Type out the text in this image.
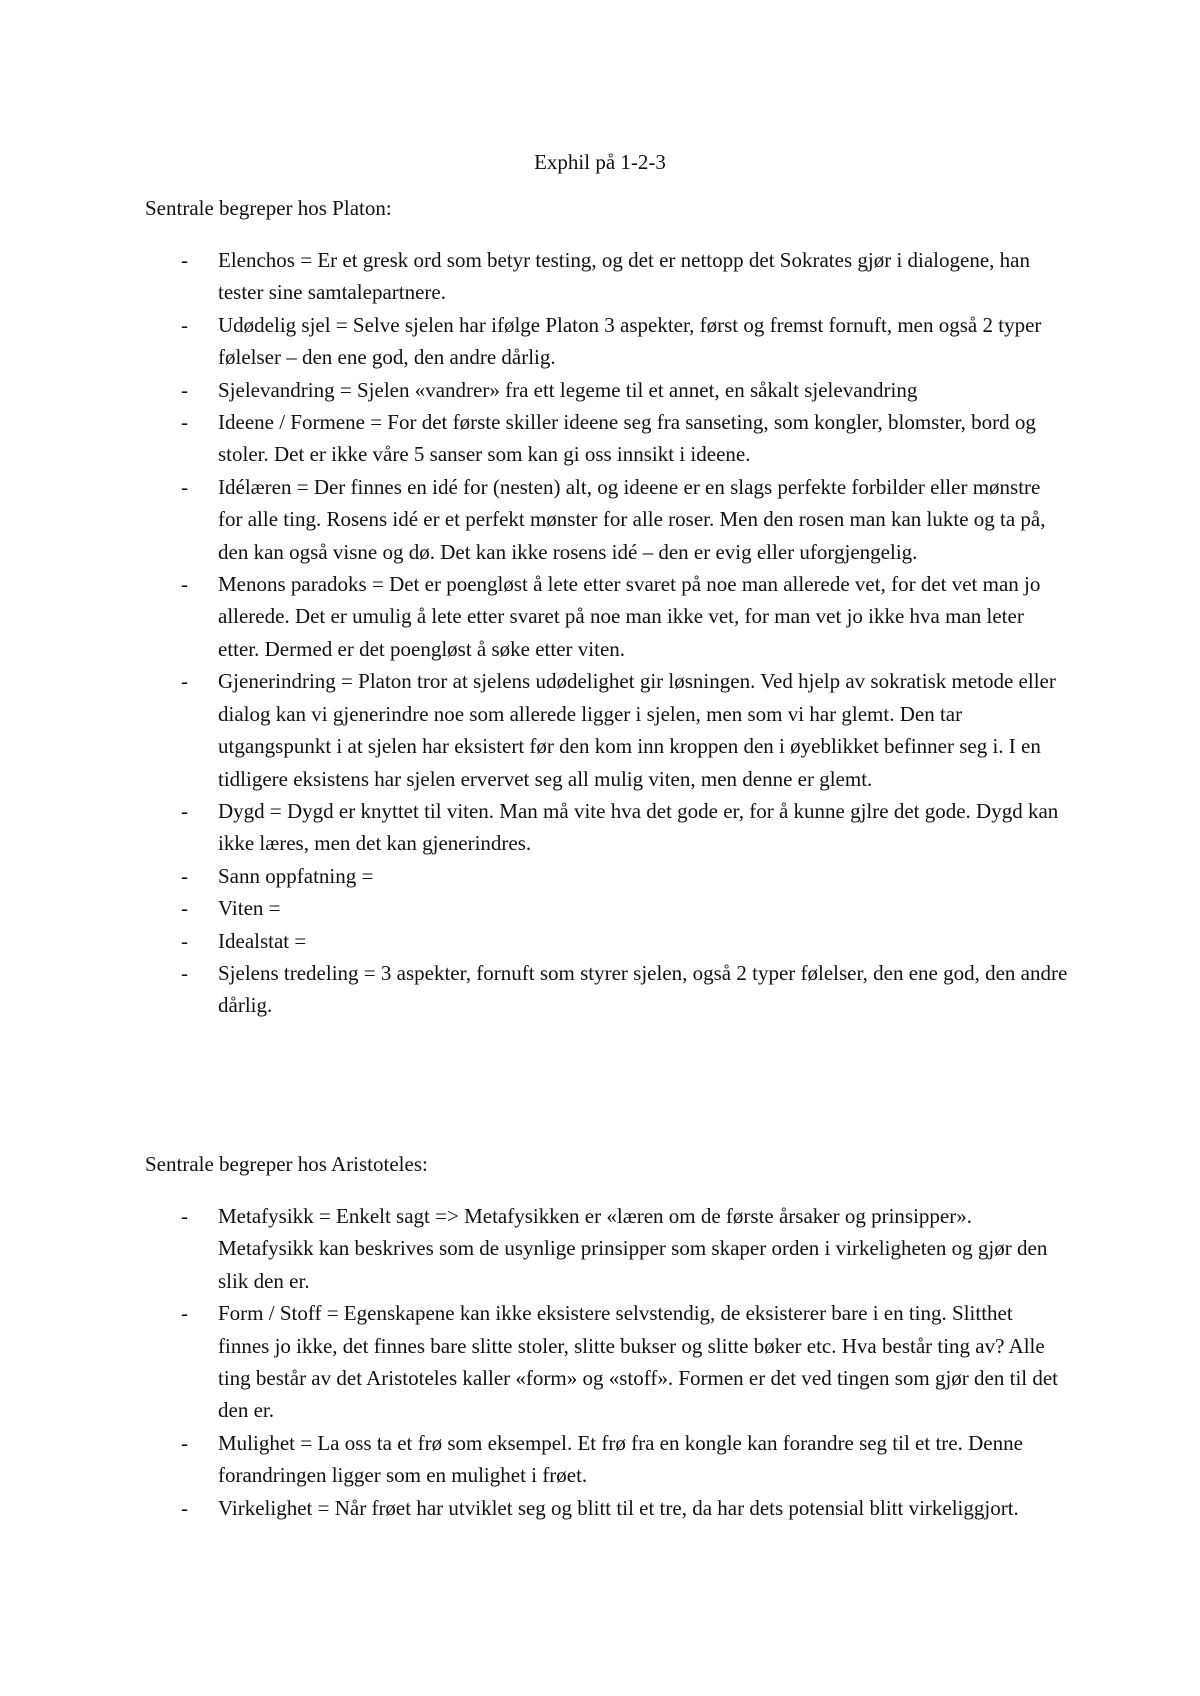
Exphil på 1-2-3
Sentrale begreper hos Platon:
- Elenchos = Er et gresk ord som betyr testing, og det er nettopp det Sokrates gjør i dialogene, han tester sine samtalepartnere.
- Udødelig sjel = Selve sjelen har ifølge Platon 3 aspekter, først og fremst fornuft, men også 2 typer følelser – den ene god, den andre dårlig.
- Sjelevandring = Sjelen «vandrer» fra ett legeme til et annet, en såkalt sjelevandring
- Ideene / Formene = For det første skiller ideene seg fra sanseting, som kongler, blomster, bord og stoler. Det er ikke våre 5 sanser som kan gi oss innsikt i ideene.
- Idélæren = Der finnes en idé for (nesten) alt, og ideene er en slags perfekte forbilder eller mønstre for alle ting. Rosens idé er et perfekt mønster for alle roser. Men den rosen man kan lukte og ta på, den kan også visne og dø. Det kan ikke rosens idé – den er evig eller uforgjengelig.
- Menons paradoks = Det er poengløst å lete etter svaret på noe man allerede vet, for det vet man jo allerede. Det er umulig å lete etter svaret på noe man ikke vet, for man vet jo ikke hva man leter etter. Dermed er det poengløst å søke etter viten.
- Gjenerindring = Platon tror at sjelens udødelighet gir løsningen. Ved hjelp av sokratisk metode eller dialog kan vi gjenerindre noe som allerede ligger i sjelen, men som vi har glemt. Den tar utgangspunkt i at sjelen har eksistert før den kom inn kroppen den i øyeblikket befinner seg i. I en tidligere eksistens har sjelen ervervet seg all mulig viten, men denne er glemt.
- Dygd = Dygd er knyttet til viten. Man må vite hva det gode er, for å kunne gjlre det gode. Dygd kan ikke læres, men det kan gjenerindres.
- Sann oppfatning =
- Viten =
- Idealstat =
- Sjelens tredeling = 3 aspekter, fornuft som styrer sjelen, også 2 typer følelser, den ene god, den andre dårlig.
Sentrale begreper hos Aristoteles:
- Metafysikk = Enkelt sagt => Metafysikken er «læren om de første årsaker og prinsipper». Metafysikk kan beskrives som de usynlige prinsipper som skaper orden i virkeligheten og gjør den slik den er.
- Form / Stoff = Egenskapene kan ikke eksistere selvstendig, de eksisterer bare i en ting. Slitthet finnes jo ikke, det finnes bare slitte stoler, slitte bukser og slitte bøker etc. Hva består ting av? Alle ting består av det Aristoteles kaller «form» og «stoff». Formen er det ved tingen som gjør den til det den er.
- Mulighet = La oss ta et frø som eksempel. Et frø fra en kongle kan forandre seg til et tre. Denne forandringen ligger som en mulighet i frøet.
- Virkelighet = Når frøet har utviklet seg og blitt til et tre, da har dets potensial blitt virkeliggjort.
